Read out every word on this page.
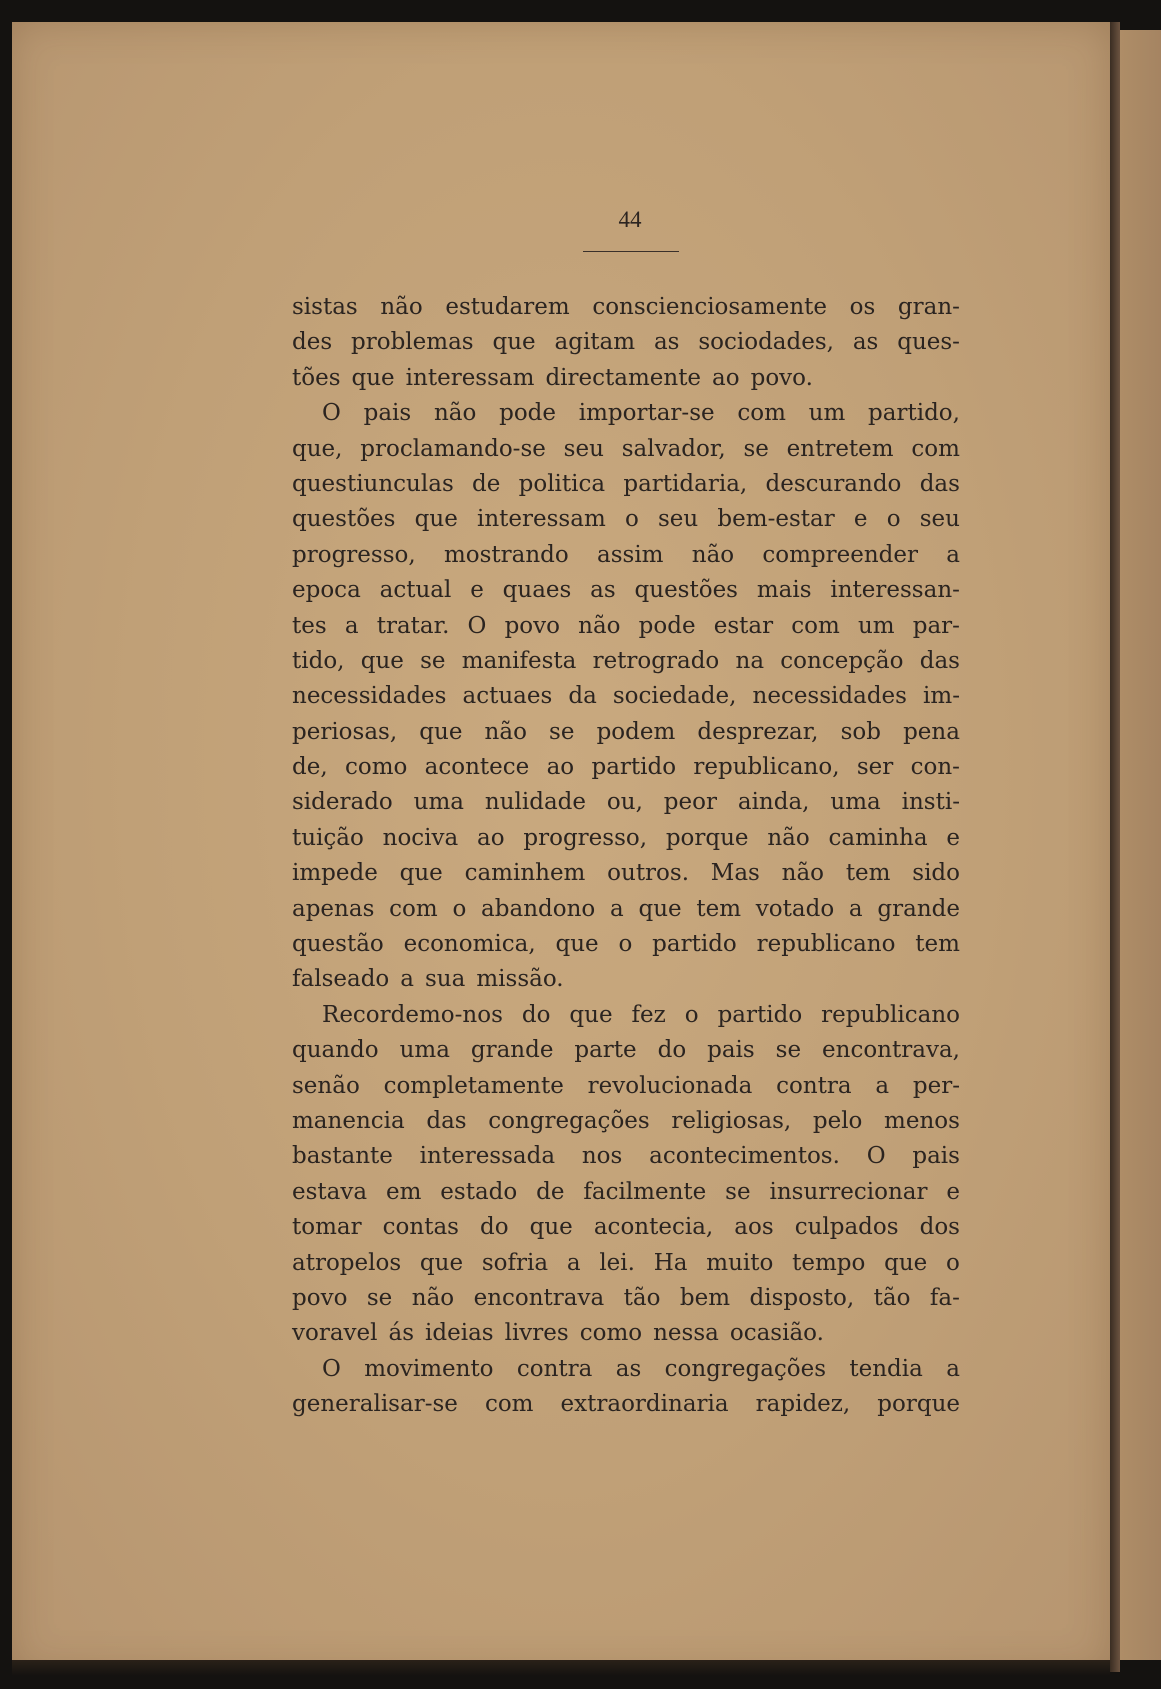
44

sistas não estudarem conscienciosamente os gran-
des problemas que agitam as sociodades, as ques-
tões que interessam directamente ao povo.
O pais não pode importar-se com um partido,
que, proclamando-se seu salvador, se entretem com
questiunculas de politica partidaria, descurando das
questões que interessam o seu bem-estar e o seu
progresso, mostrando assim não compreender a
epoca actual e quaes as questões mais interessan-
tes a tratar. O povo não pode estar com um par-
tido, que se manifesta retrogrado na concepção das
necessidades actuaes da sociedade, necessidades im-
periosas, que não se podem desprezar, sob pena
de, como acontece ao partido republicano, ser con-
siderado uma nulidade ou, peor ainda, uma insti-
tuição nociva ao progresso, porque não caminha e
impede que caminhem outros. Mas não tem sido
apenas com o abandono a que tem votado a grande
questão economica, que o partido republicano tem
falseado a sua missão.
Recordemo-nos do que fez o partido republicano
quando uma grande parte do pais se encontrava,
senão completamente revolucionada contra a per-
manencia das congregações religiosas, pelo menos
bastante interessada nos acontecimentos. O pais
estava em estado de facilmente se insurrecionar e
tomar contas do que acontecia, aos culpados dos
atropelos que sofria a lei. Ha muito tempo que o
povo se não encontrava tão bem disposto, tão fa-
voravel ás ideias livres como nessa ocasião.
O movimento contra as congregações tendia a
generalisar-se com extraordinaria rapidez, porque
